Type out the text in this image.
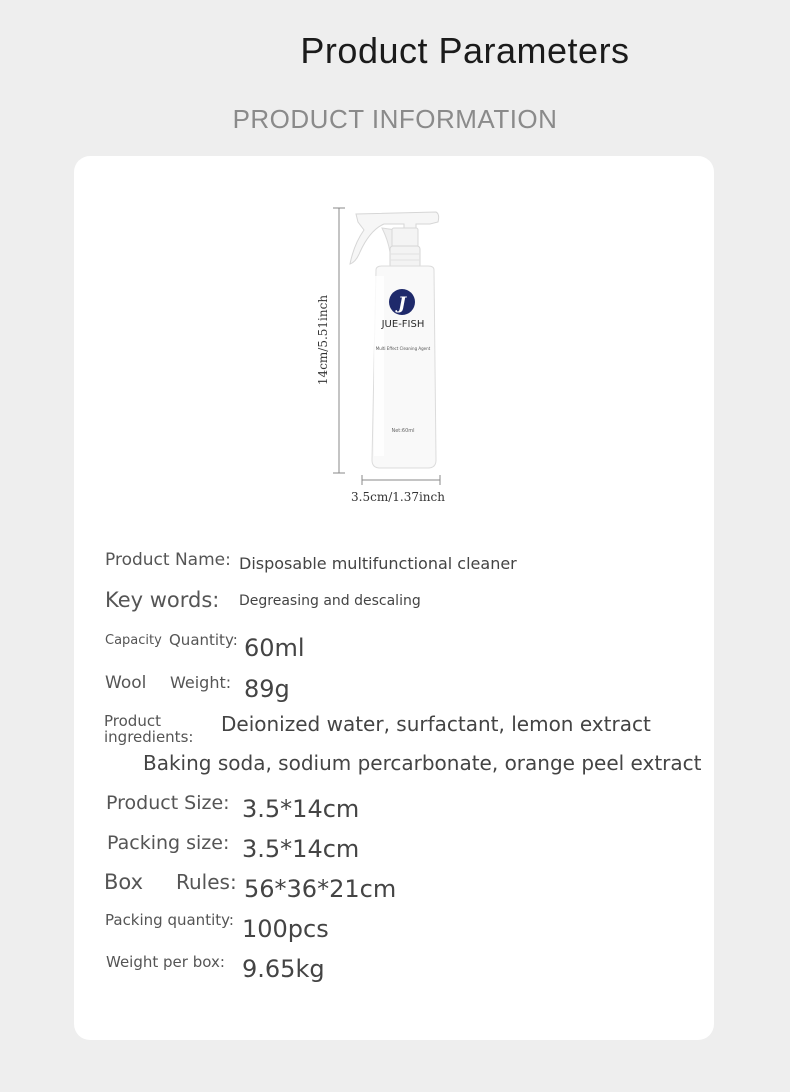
Product Parameters
PRODUCT INFORMATION
14cm/5.51inch
3.5cm/1.37inch
J
JUE-FISH
Multi Effect Cleaning Agent
Net:60ml
Product Name: Disposable multifunctional cleaner
Key words: Degreasing and descaling
Capacity Quantity: 60ml
Wool Weight: 89g
Product
ingredients:
Deionized water, surfactant, lemon extract
Baking soda, sodium percarbonate, orange peel extract
Product Size: 3.5*14cm
Packing size: 3.5*14cm
Box Rules: 56*36*21cm
Packing quantity: 100pcs
Weight per box: 9.65kg
